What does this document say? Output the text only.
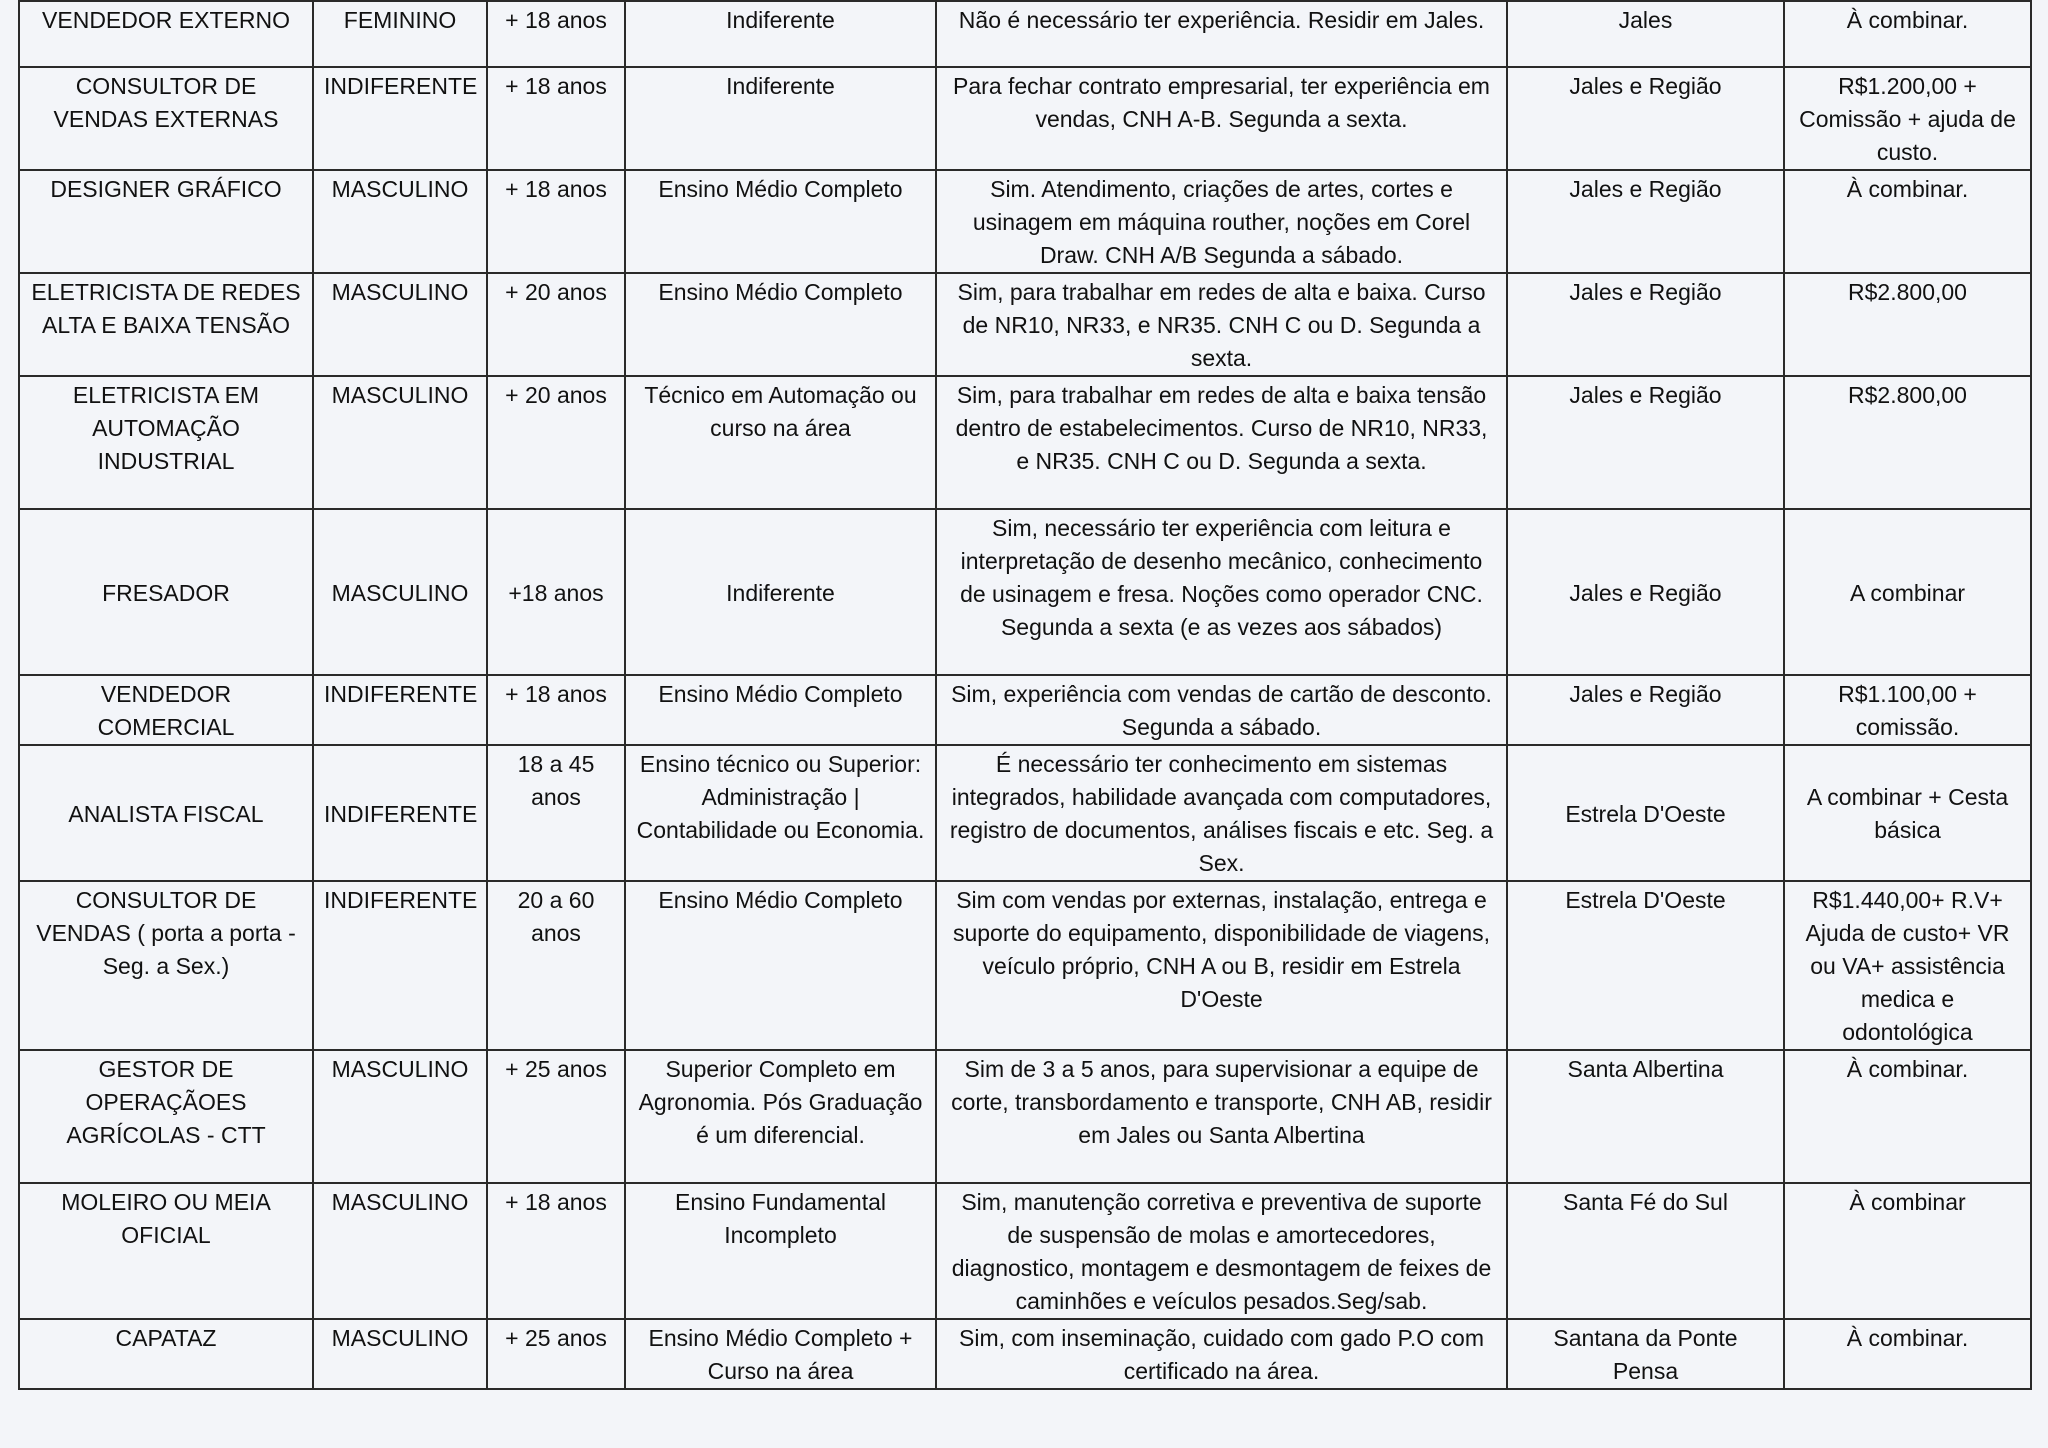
VENDEDOR EXTERNO	FEMININO	+ 18 anos	Indiferente	Não é necessário ter experiência. Residir em Jales.	Jales	À combinar.
CONSULTOR DE VENDAS EXTERNAS	INDIFERENTE	+ 18 anos	Indiferente	Para fechar contrato empresarial, ter experiência em vendas, CNH A-B. Segunda a sexta.	Jales e Região	R$1.200,00 + Comissão + ajuda de custo.
DESIGNER GRÁFICO	MASCULINO	+ 18 anos	Ensino Médio Completo	Sim. Atendimento, criações de artes, cortes e usinagem em máquina routher, noções em Corel Draw. CNH A/B Segunda a sábado.	Jales e Região	À combinar.
ELETRICISTA DE REDES ALTA E BAIXA TENSÃO	MASCULINO	+ 20 anos	Ensino Médio Completo	Sim, para trabalhar em redes de alta e baixa. Curso de NR10, NR33, e NR35. CNH C ou D. Segunda a sexta.	Jales e Região	R$2.800,00
ELETRICISTA EM AUTOMAÇÃO INDUSTRIAL	MASCULINO	+ 20 anos	Técnico em Automação ou curso na área	Sim, para trabalhar em redes de alta e baixa tensão dentro de estabelecimentos. Curso de NR10, NR33, e NR35. CNH C ou D. Segunda a sexta.	Jales e Região	R$2.800,00
FRESADOR	MASCULINO	+18 anos	Indiferente	Sim, necessário ter experiência com leitura e interpretação de desenho mecânico, conhecimento de usinagem e fresa. Noções como operador CNC. Segunda a sexta (e as vezes aos sábados)	Jales e Região	A combinar
VENDEDOR COMERCIAL	INDIFERENTE	+ 18 anos	Ensino Médio Completo	Sim, experiência com vendas de cartão de desconto. Segunda a sábado.	Jales e Região	R$1.100,00 + comissão.
ANALISTA FISCAL	INDIFERENTE	18 a 45 anos	Ensino técnico ou Superior: Administração | Contabilidade ou Economia.	É necessário ter conhecimento em sistemas integrados, habilidade avançada com computadores, registro de documentos, análises fiscais e etc. Seg. a Sex.	Estrela D'Oeste	A combinar + Cesta básica
CONSULTOR DE VENDAS ( porta a porta - Seg. a Sex.)	INDIFERENTE	20 a 60 anos	Ensino Médio Completo	Sim com vendas por externas, instalação, entrega e suporte do equipamento, disponibilidade de viagens, veículo próprio, CNH A ou B, residir em Estrela D'Oeste	Estrela D'Oeste	R$1.440,00+ R.V+ Ajuda de custo+ VR ou VA+ assistência medica e odontológica
GESTOR DE OPERAÇÃOES AGRÍCOLAS - CTT	MASCULINO	+ 25 anos	Superior Completo em Agronomia. Pós Graduação é um diferencial.	Sim de 3 a 5 anos, para supervisionar a equipe de corte, transbordamento e transporte, CNH AB, residir em Jales ou Santa Albertina	Santa Albertina	À combinar.
MOLEIRO OU MEIA OFICIAL	MASCULINO	+ 18 anos	Ensino Fundamental Incompleto	Sim, manutenção corretiva e preventiva de suporte de suspensão de molas e amortecedores, diagnostico, montagem e desmontagem de feixes de caminhões e veículos pesados.Seg/sab.	Santa Fé do Sul	À combinar
CAPATAZ	MASCULINO	+ 25 anos	Ensino Médio Completo + Curso na área	Sim, com inseminação, cuidado com gado P.O com certificado na área.	Santana da Ponte Pensa	À combinar.
